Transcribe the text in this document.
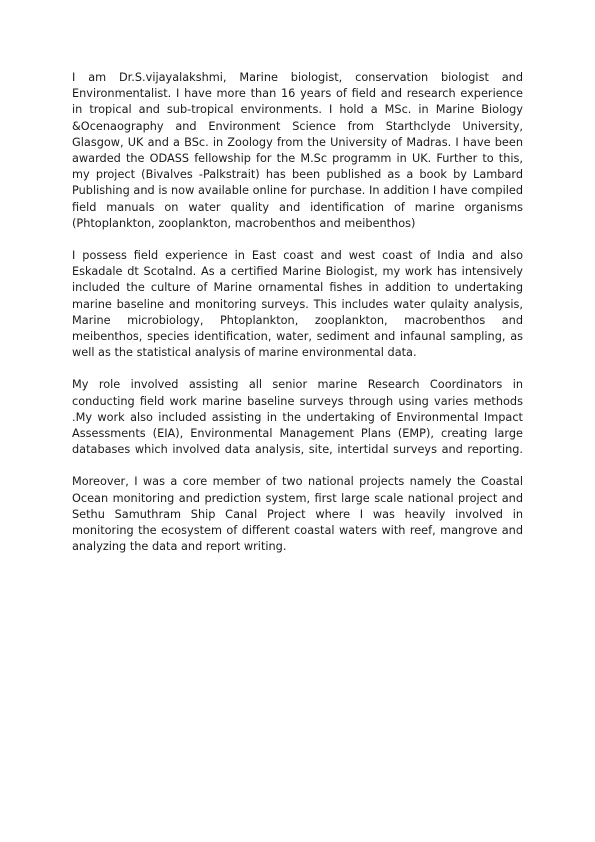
I am Dr.S.vijayalakshmi, Marine biologist, conservation biologist and Environmentalist. I have more than 16 years of field and research experience in tropical and sub-tropical environments. I hold a MSc. in Marine Biology &Ocenaography and Environment Science from Starthclyde University, Glasgow, UK and a BSc. in Zoology from the University of Madras. I have been awarded the ODASS fellowship for the M.Sc programm in UK. Further to this, my project (Bivalves -Palkstrait) has been published as a book by Lambard Publishing and is now available online for purchase. In addition I have compiled field manuals on water quality and identification of marine organisms (Phtoplankton, zooplankton, macrobenthos and meibenthos)

I possess field experience in East coast and west coast of India and also Eskadale dt Scotalnd. As a certified Marine Biologist, my work has intensively included the culture of Marine ornamental fishes in addition to undertaking marine baseline and monitoring surveys. This includes water qulaity analysis, Marine microbiology, Phtoplankton, zooplankton, macrobenthos and meibenthos, species identification, water, sediment and infaunal sampling, as well as the statistical analysis of marine environmental data.

My role involved assisting all senior marine Research Coordinators in conducting field work marine baseline surveys through using varies methods .My work also included assisting in the undertaking of Environmental Impact Assessments (EIA), Environmental Management Plans (EMP), creating large databases which involved data analysis, site, intertidal surveys and reporting.

Moreover, I was a core member of two national projects namely the Coastal Ocean monitoring and prediction system, first large scale national project and Sethu Samuthram Ship Canal Project where I was heavily involved in monitoring the ecosystem of different coastal waters with reef, mangrove and analyzing the data and report writing.
